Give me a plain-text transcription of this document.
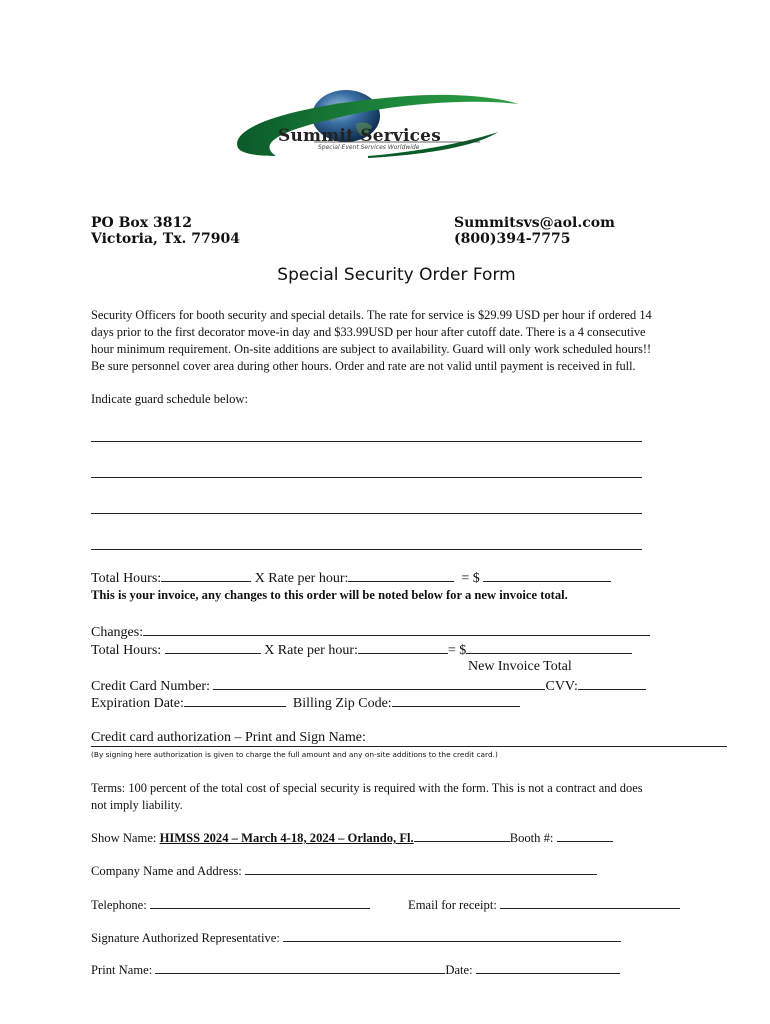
Summit Services
Special Event Services Worldwide
PO Box 3812
Victoria, Tx. 77904
Summitsvs@aol.com
(800)394-7775
Special Security Order Form
Security Officers for booth security and special details. The rate for service is $29.99 USD per hour if ordered 14
days prior to the first decorator move-in day and $33.99USD per hour after cutoff date. There is a 4 consecutive
hour minimum requirement. On-site additions are subject to availability. Guard will only work scheduled hours!!
Be sure personnel cover area during other hours. Order and rate are not valid until payment is received in full.
Indicate guard schedule below:
Total Hours:	X Rate per hour:	= $
This is your invoice, any changes to this order will be noted below for a new invoice total.
Changes:
Total Hours:	X Rate per hour:	= $
New Invoice Total
Credit Card Number:	CVV:
Expiration Date:	Billing Zip Code:
Credit card authorization – Print and Sign Name:
(By signing here authorization is given to charge the full amount and any on-site additions to the credit card.)
Terms: 100 percent of the total cost of special security is required with the form. This is not a contract and does
not imply liability.
Show Name: HIMSS 2024 – March 4-18, 2024 – Orlando, Fl.	Booth #:
Company Name and Address:
Telephone:	Email for receipt:
Signature Authorized Representative:
Print Name:	Date:
